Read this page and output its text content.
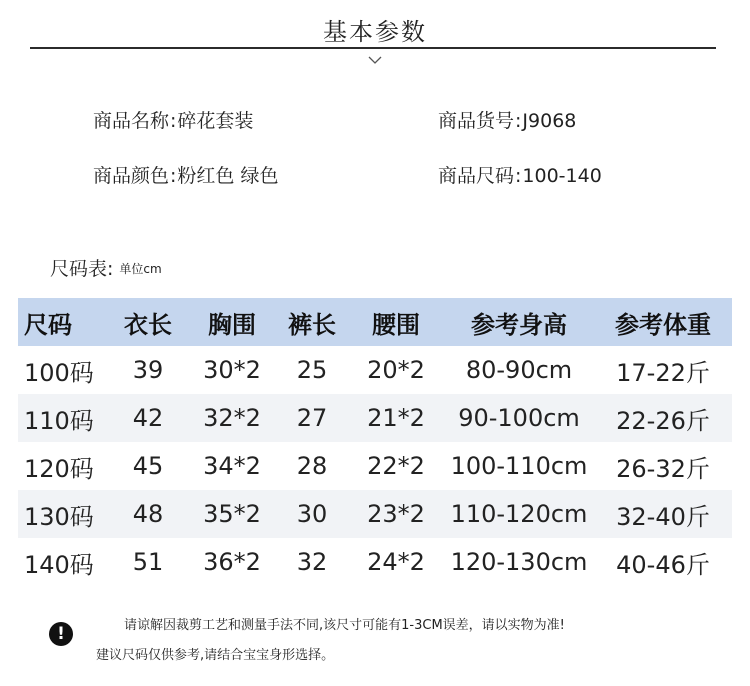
基本参数
商品名称:碎花套装	商品货号:J9068
商品颜色:粉红色 绿色	商品尺码:100-140
尺码表: 单位cm
尺码	衣长	胸围	裤长	腰围	参考身高	参考体重
100码	39	30*2	25	20*2	80-90cm	17-22斤
110码	42	32*2	27	21*2	90-100cm	22-26斤
120码	45	34*2	28	22*2	100-110cm	26-32斤
130码	48	35*2	30	23*2	110-120cm	32-40斤
140码	51	36*2	32	24*2	120-130cm	40-46斤
!	请谅解因裁剪工艺和测量手法不同,该尺寸可能有1-3CM误差，请以实物为准!
建议尺码仅供参考,请结合宝宝身形选择。
